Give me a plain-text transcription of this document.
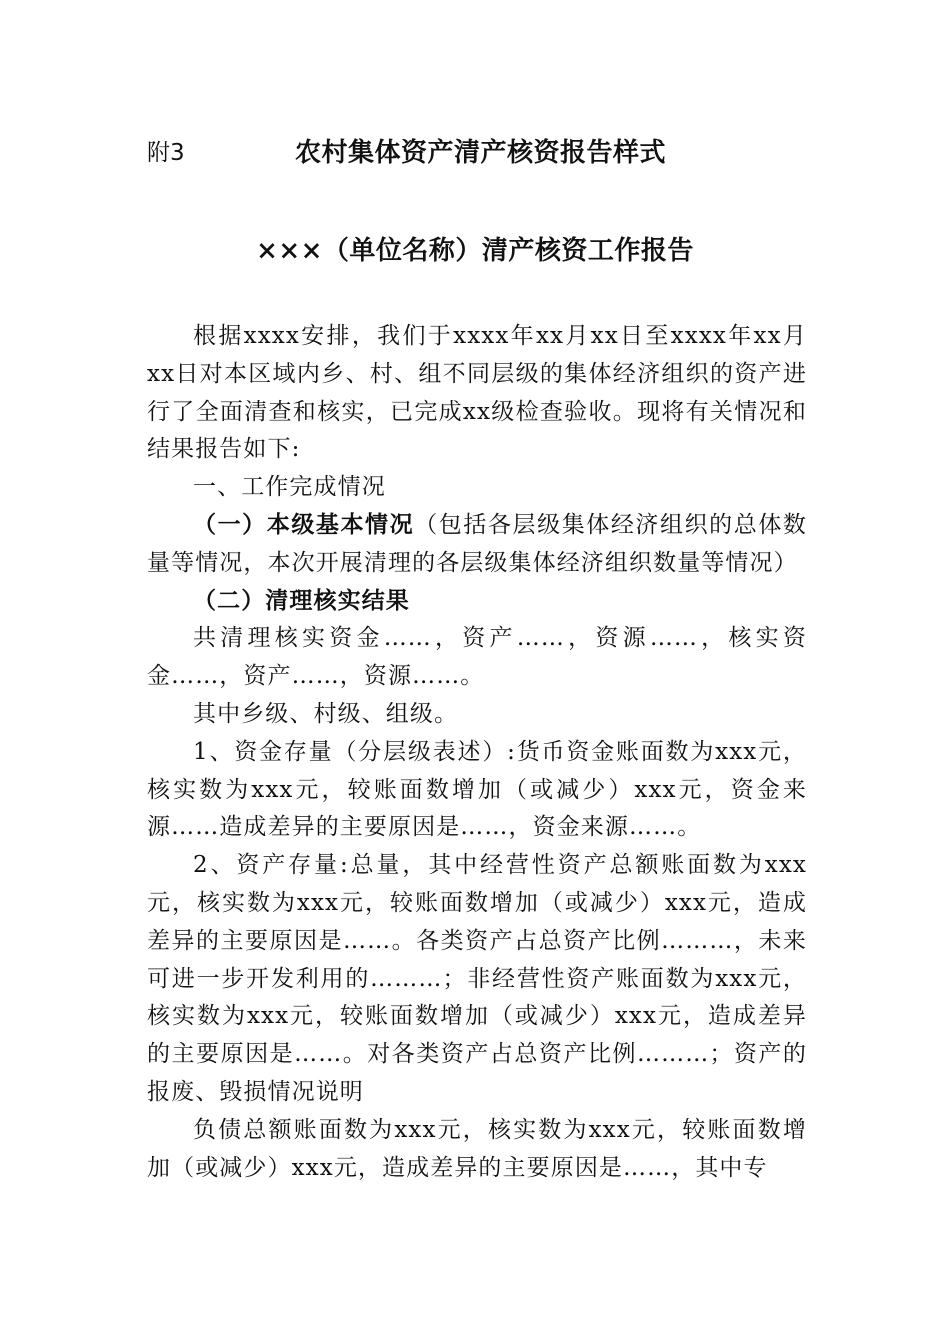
附3	农村集体资产清产核资报告样式
×××（单位名称）清产核资工作报告

根据xxxx安排，我们于xxxx年xx月xx日至xxxx年xx月xx日对本区域内乡、村、组不同层级的集体经济组织的资产进行了全面清查和核实，已完成xx级检查验收。现将有关情况和结果报告如下:

一、工作完成情况

（一）本级基本情况（包括各层级集体经济组织的总体数量等情况，本次开展清理的各层级集体经济组织数量等情况）

（二）清理核实结果

共清理核实资金……，资产……，资源……，核实资金……，资产……，资源……。

其中乡级、村级、组级。

1、资金存量（分层级表述）:货币资金账面数为xxx元，核实数为xxx元，较账面数增加（或减少）xxx元，资金来源……造成差异的主要原因是……，资金来源……。

2、资产存量:总量，其中经营性资产总额账面数为xxx元，核实数为xxx元，较账面数增加（或减少）xxx元，造成差异的主要原因是……。各类资产占总资产比例………，未来可进一步开发利用的………；非经营性资产账面数为xxx元，核实数为xxx元，较账面数增加（或减少）xxx元，造成差异的主要原因是……。对各类资产占总资产比例………；资产的报废、毁损情况说明

负债总额账面数为xxx元，核实数为xxx元，较账面数增加（或减少）xxx元，造成差异的主要原因是……，其中专
